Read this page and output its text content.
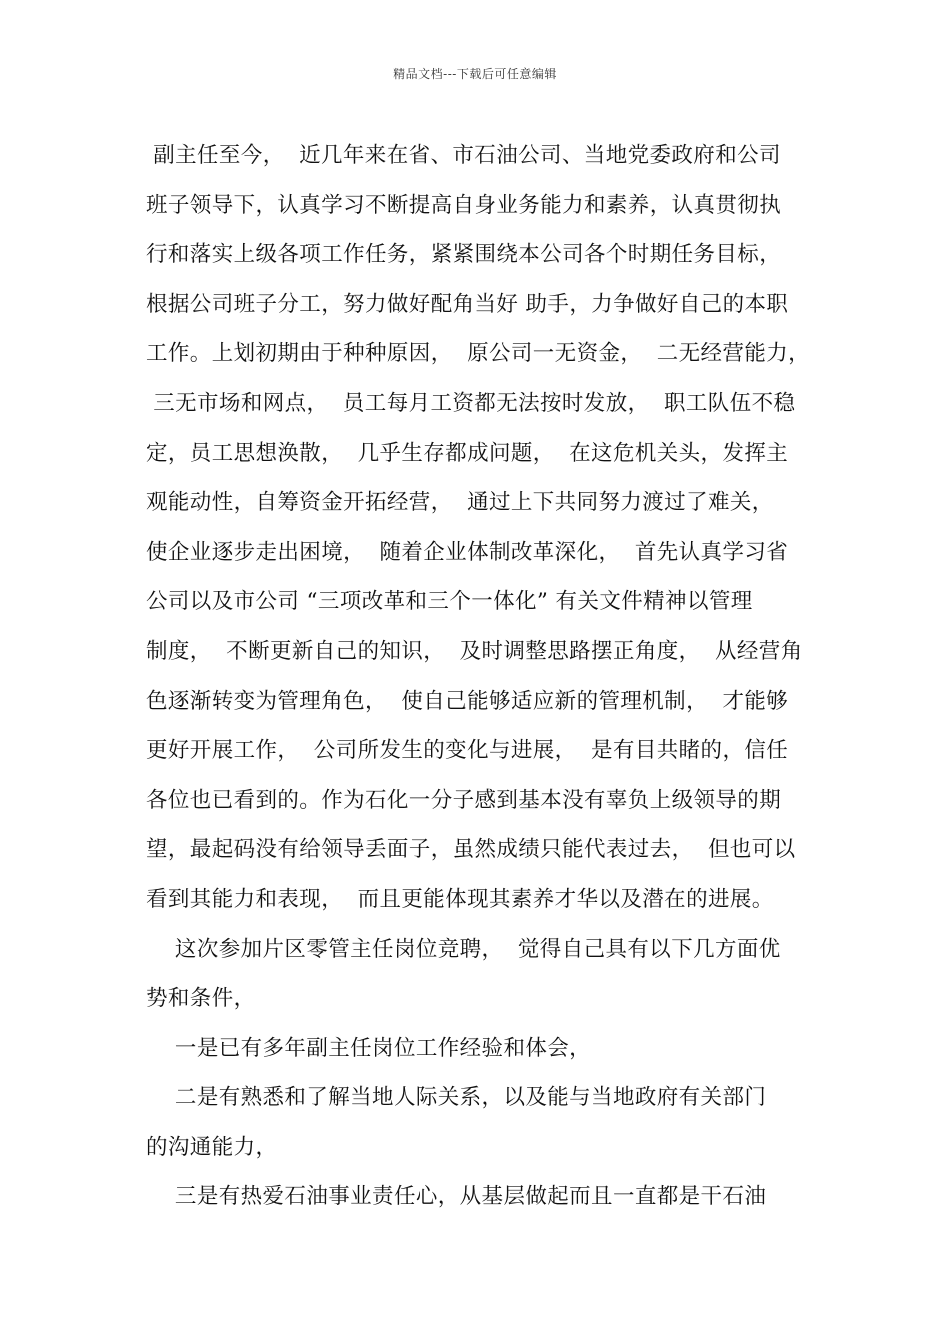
精品文档---下载后可任意编辑
副主任至今，  近几年来在省、市石油公司、当地党委政府和公司
班子领导下，认真学习不断提高自身业务能力和素养，认真贯彻执
行和落实上级各项工作任务，紧紧围绕本公司各个时期任务目标，
根据公司班子分工，努力做好配角当好 助手，力争做好自己的本职
工作。上划初期由于种种原因，  原公司一无资金，  二无经营能力，
三无市场和网点，  员工每月工资都无法按时发放，  职工队伍不稳
定，员工思想涣散，  几乎生存都成问题，  在这危机关头，发挥主
观能动性，自筹资金开拓经营，  通过上下共同努力渡过了难关，
使企业逐步走出困境，  随着企业体制改革深化，  首先认真学习省
公司以及市公司 “三项改革和三个一体化” 有关文件精神以管理
制度，  不断更新自己的知识，  及时调整思路摆正角度，  从经营角
色逐渐转变为管理角色，  使自己能够适应新的管理机制，  才能够
更好开展工作，  公司所发生的变化与进展，  是有目共睹的，信任
各位也已看到的。作为石化一分子感到基本没有辜负上级领导的期
望，最起码没有给领导丢面子，虽然成绩只能代表过去，  但也可以
看到其能力和表现，  而且更能体现其素养才华以及潜在的进展。
这次参加片区零管主任岗位竞聘，  觉得自己具有以下几方面优
势和条件，
一是已有多年副主任岗位工作经验和体会，
二是有熟悉和了解当地人际关系，以及能与当地政府有关部门
的沟通能力，
三是有热爱石油事业责任心，从基层做起而且一直都是干石油
